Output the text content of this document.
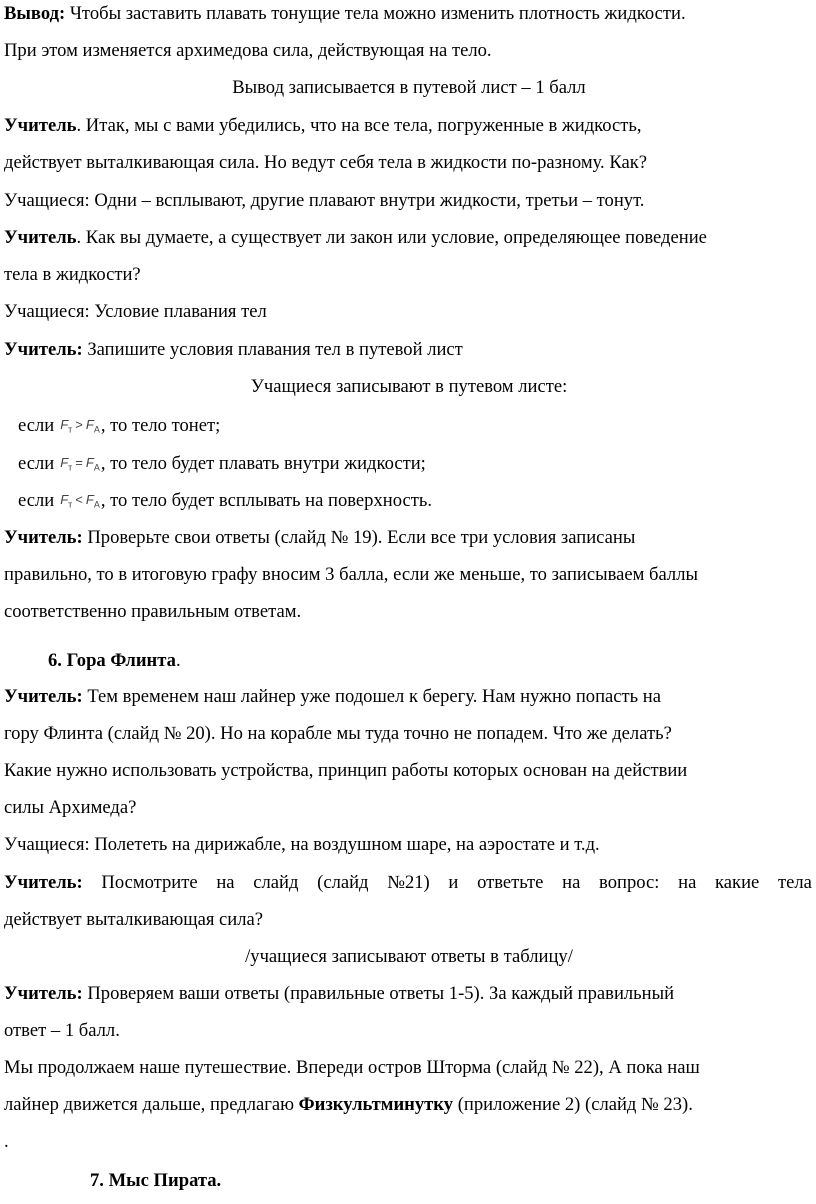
Вывод: Чтобы заставить плавать тонущие тела можно изменить плотность жидкости.
При этом изменяется архимедова сила, действующая на тело.
Вывод записывается в путевой лист – 1 балл
Учитель. Итак, мы с вами убедились, что на все тела, погруженные в жидкость,
действует выталкивающая сила. Но ведут себя тела в жидкости по-разному. Как?
Учащиеся: Одни – всплывают, другие плавают внутри жидкости, третьи – тонут.
Учитель. Как вы думаете, а существует ли закон или условие, определяющее поведение
тела в жидкости?
Учащиеся: Условие плавания тел
Учитель: Запишите условия плавания тел в путевой лист
Учащиеся записывают в путевом листе:
если $F_т > F_A$, то тело тонет;
если $F_т = F_A$, то тело будет плавать внутри жидкости;
если $F_т < F_A$, то тело будет всплывать на поверхность.
Учитель: Проверьте свои ответы (слайд № 19). Если все три условия записаны
правильно, то в итоговую графу вносим 3 балла, если же меньше, то записываем баллы
соответственно правильным ответам.
6. Гора Флинта.
Учитель: Тем временем наш лайнер уже подошел к берегу. Нам нужно попасть на
гору Флинта (слайд № 20). Но на корабле мы туда точно не попадем. Что же делать?
Какие нужно использовать устройства, принцип работы которых основан на действии
силы Архимеда?
Учащиеся: Полететь на дирижабле, на воздушном шаре, на аэростате и т.д.
Учитель: Посмотрите на слайд (слайд №21) и ответьте на вопрос: на какие тела
действует выталкивающая сила?
/учащиеся записывают ответы в таблицу/
Учитель: Проверяем ваши ответы (правильные ответы 1-5). За каждый правильный
ответ – 1 балл.
Мы продолжаем наше путешествие. Впереди остров Шторма (слайд № 22), А пока наш
лайнер движется дальше, предлагаю Физкультминутку (приложение 2) (слайд № 23).
.
7. Мыс Пирата.
